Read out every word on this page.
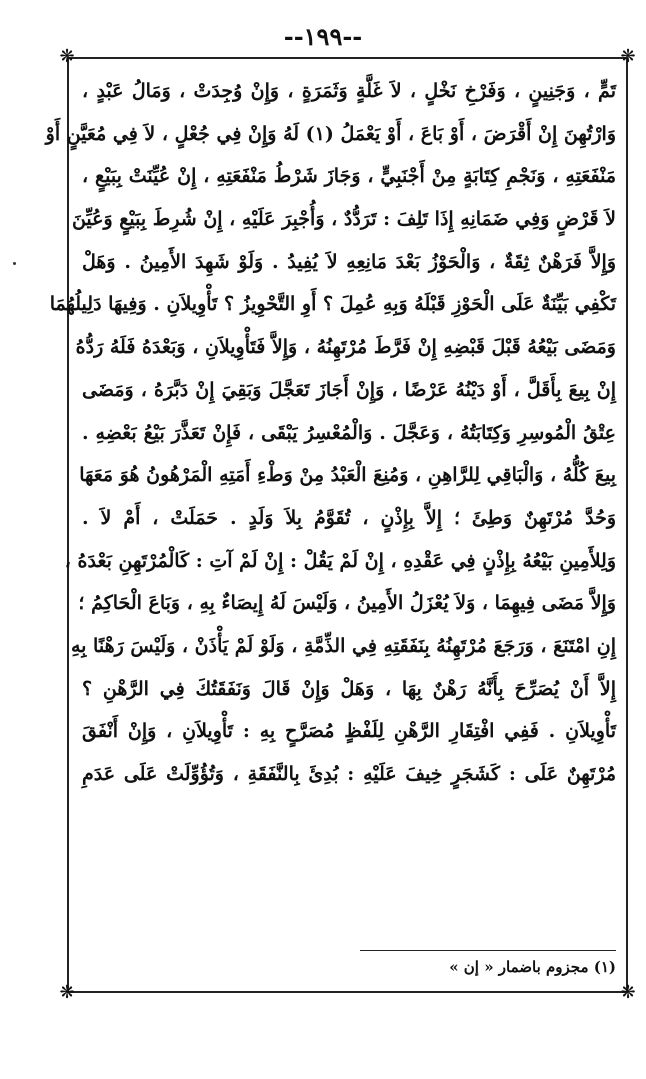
--١٩٩--
❋	❋
❋	❋
تَمٍّ ، وَجَنِينٍ ، وَفَرْخِ نَخْلٍ ، لاَ غَلَّةٍ وَثَمَرَةٍ ، وَإِنْ وُجِدَتْ ، وَمَالُ عَبْدٍ ،
وَارْتُهِنَ إِنْ أَقْرَضَ ، أَوْ بَاعَ ، أَوْ يَعْمَلُ (١) لَهُ وَإِنْ فِي جُعْلٍ ، لاَ فِي مُعَيَّنٍ أَوْ
مَنْفَعَتِهِ ، وَنَجْمِ كِتَابَةٍ مِنْ أَجْنَبِيٍّ ، وَجَازَ شَرْطُ مَنْفَعَتِهِ ، إِنْ عُيِّنَتْ بِبَيْعٍ ،
لاَ قَرْضٍ وَفِي ضَمَانِهِ إِذَا تَلِفَ : تَرَدُّدٌ ، وَأُجْبِرَ عَلَيْهِ ، إِنْ شُرِطَ بِبَيْعٍ وَعُيِّنَ
وَإِلاَّ فَرَهْنٌ ثِقَةٌ ، وَالْحَوْزُ بَعْدَ مَانِعِهِ لاَ يُفِيدُ . وَلَوْ شَهِدَ الأَمِينُ . وَهَلْ
تَكْفِي بَيِّنَةٌ عَلَى الْحَوْزِ قَبْلَهُ وَبِهِ عُمِلَ ؟ أَوِ التَّحْوِيزُ ؟ تَأْوِيلاَنِ . وَفِيهَا دَلِيلُهُمَا
وَمَضَى بَيْعُهُ قَبْلَ قَبْضِهِ إِنْ فَرَّطَ مُرْتَهِنُهُ ، وَإِلاَّ فَتَأْوِيلاَنِ ، وَبَعْدَهُ فَلَهُ رَدُّهُ
إِنْ بِيعَ بِأَقَلَّ ، أَوْ دَيْنُهُ عَرْضًا ، وَإِنْ أَجَازَ تَعَجَّلَ وَبَقِيَ إِنْ دَبَّرَهُ ، وَمَضَى
عِتْقُ الْمُوسِرِ وَكِتَابَتُهُ ، وَعَجَّلَ . وَالْمُعْسِرُ يَبْقَى ، فَإِنْ تَعَذَّرَ بَيْعُ بَعْضِهِ .
بِيعَ كُلُّهُ ، وَالْبَاقِي لِلرَّاهِنِ ، وَمُنِعَ الْعَبْدُ مِنْ وَطْءِ أَمَتِهِ الْمَرْهُونُ هُوَ مَعَهَا
وَحُدَّ مُرْتَهِنٌ وَطِئَ ؛ إِلاَّ بِإِذْنٍ ، تُقَوَّمُ بِلاَ وَلَدٍ . حَمَلَتْ ، أَمْ لاَ .
وَلِلأَمِينِ بَيْعُهُ بِإِذْنٍ فِي عَقْدِهِ ، إِنْ لَمْ يَقُلْ : إِنْ لَمْ آتِ : كَالْمُرْتَهِنِ بَعْدَهُ ،
وَإِلاَّ مَضَى فِيهِمَا ، وَلاَ يُعْزَلُ الأَمِينُ ، وَلَيْسَ لَهُ إِيصَاءٌ بِهِ ، وَبَاعَ الْحَاكِمُ ؛
إِنِ امْتَنَعَ ، وَرَجَعَ مُرْتَهِنُهُ بِنَفَقَتِهِ فِي الذِّمَّةِ ، وَلَوْ لَمْ يَأْذَنْ ، وَلَيْسَ رَهْنًا بِهِ
إِلاَّ أَنْ يُصَرِّحَ بِأَنَّهُ رَهْنٌ بِهَا ، وَهَلْ وَإِنْ قَالَ وَنَفَقَتُكَ فِي الرَّهْنِ ؟
تَأْوِيلاَنِ . فَفِي افْتِقَارِ الرَّهْنِ لِلَفْظٍ مُصَرَّحٍ بِهِ : تَأْوِيلاَنِ ، وَإِنْ أَنْفَقَ
مُرْتَهِنٌ عَلَى : كَشَجَرٍ خِيفَ عَلَيْهِ : بُدِئَ بِالنَّفَقَةِ ، وَتُؤُوِّلَتْ عَلَى عَدَمِ
(١) مجزوم باضمار « إن »
